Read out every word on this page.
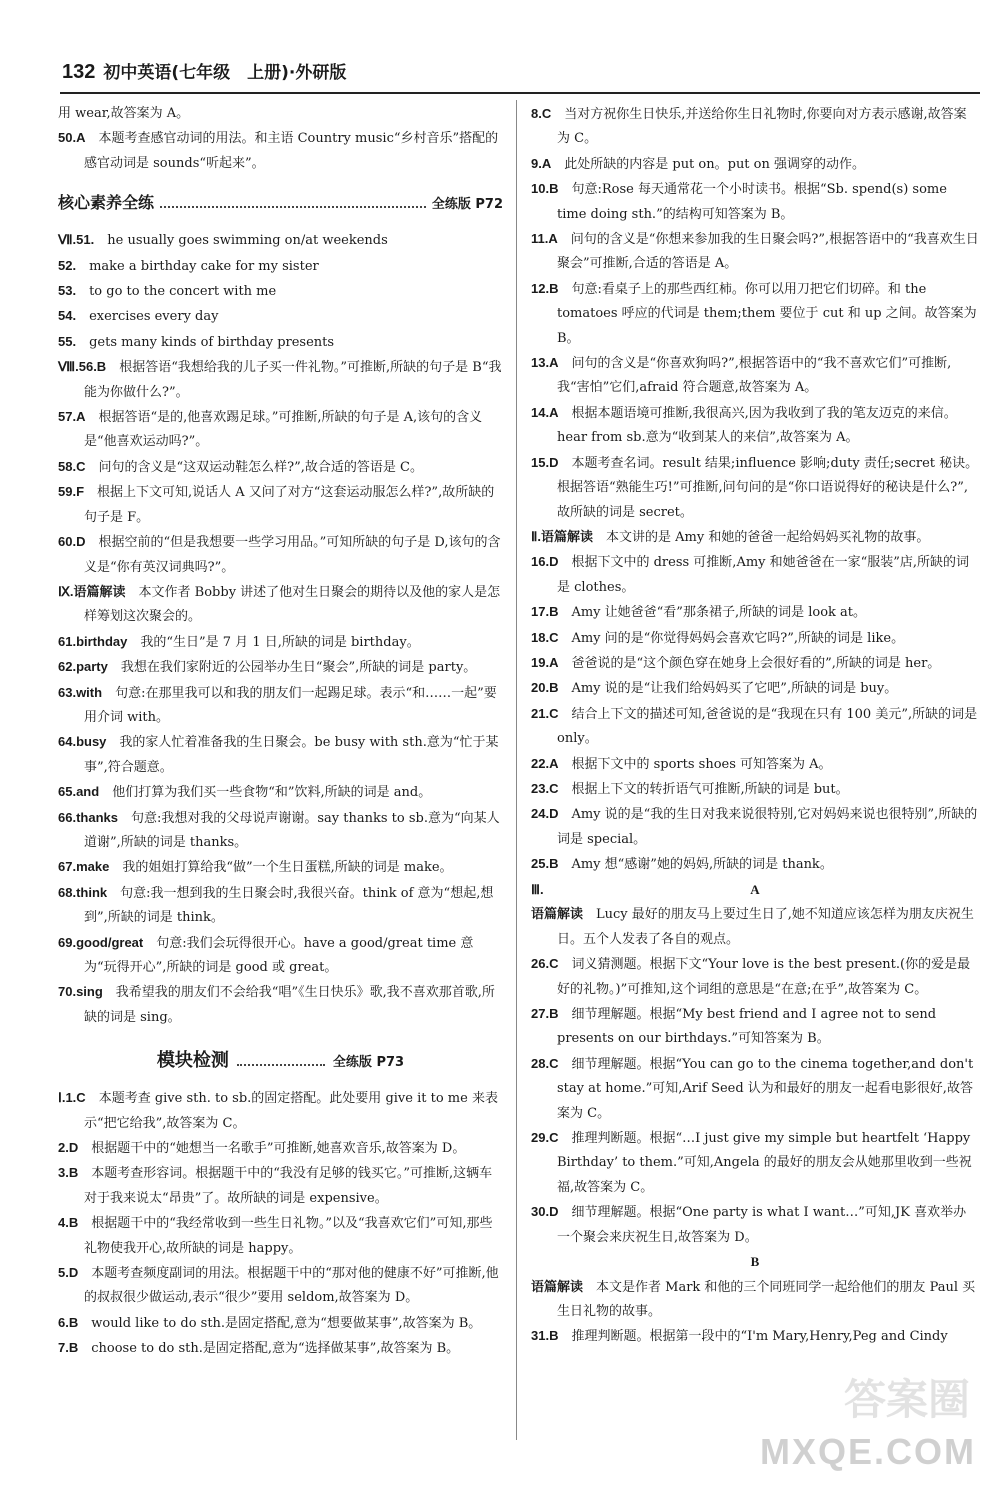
132 初中英语(七年级　上册)·外研版

用 wear,故答案为 A。

50.A  本题考查感官动词的用法。和主语 Country music“乡村音乐”搭配的感官动词是 sounds“听起来”。

核心素养全练	全练版 P72

Ⅶ.51.  he usually goes swimming on/at weekends

52.  make a birthday cake for my sister

53.  to go to the concert with me

54.  exercises every day

55.  gets many kinds of birthday presents

Ⅷ.56.B  根据答语“我想给我的儿子买一件礼物。”可推断,所缺的句子是 B“我能为你做什么?”。

57.A  根据答语“是的,他喜欢踢足球。”可推断,所缺的句子是 A,该句的含义是“他喜欢运动吗?”。

58.C  问句的含义是“这双运动鞋怎么样?”,故合适的答语是 C。

59.F  根据上下文可知,说话人 A 又问了对方“这套运动服怎么样?”,故所缺的句子是 F。

60.D  根据空前的“但是我想要一些学习用品。”可知所缺的句子是 D,该句的含义是“你有英汉词典吗?”。

Ⅸ.语篇解读  本文作者 Bobby 讲述了他对生日聚会的期待以及他的家人是怎样筹划这次聚会的。

61.birthday  我的“生日”是 7 月 1 日,所缺的词是 birthday。

62.party  我想在我们家附近的公园举办生日“聚会”,所缺的词是 party。

63.with  句意:在那里我可以和我的朋友们一起踢足球。表示“和……一起”要用介词 with。

64.busy  我的家人忙着准备我的生日聚会。be busy with sth.意为“忙于某事”,符合题意。

65.and  他们打算为我们买一些食物“和”饮料,所缺的词是 and。

66.thanks  句意:我想对我的父母说声谢谢。say thanks to sb.意为“向某人道谢”,所缺的词是 thanks。

67.make  我的姐姐打算给我“做”一个生日蛋糕,所缺的词是 make。

68.think  句意:我一想到我的生日聚会时,我很兴奋。think of 意为“想起,想到”,所缺的词是 think。

69.good/great  句意:我们会玩得很开心。have a good/great time 意为“玩得开心”,所缺的词是 good 或 great。

70.sing  我希望我的朋友们不会给我“唱”《生日快乐》歌,我不喜欢那首歌,所缺的词是 sing。

模块检测	全练版 P73

Ⅰ.1.C  本题考查 give sth. to sb.的固定搭配。此处要用 give it to me 来表示“把它给我”,故答案为 C。

2.D  根据题干中的“她想当一名歌手”可推断,她喜欢音乐,故答案为 D。

3.B  本题考查形容词。根据题干中的“我没有足够的钱买它。”可推断,这辆车对于我来说太“昂贵”了。故所缺的词是 expensive。

4.B  根据题干中的“我经常收到一些生日礼物。”以及“我喜欢它们”可知,那些礼物使我开心,故所缺的词是 happy。

5.D  本题考查频度副词的用法。根据题干中的“那对他的健康不好”可推断,他的叔叔很少做运动,表示“很少”要用 seldom,故答案为 D。

6.B  would like to do sth.是固定搭配,意为“想要做某事”,故答案为 B。

7.B  choose to do sth.是固定搭配,意为“选择做某事”,故答案为 B。

8.C  当对方祝你生日快乐,并送给你生日礼物时,你要向对方表示感谢,故答案为 C。

9.A  此处所缺的内容是 put on。put on 强调穿的动作。

10.B  句意:Rose 每天通常花一个小时读书。根据“Sb. spend(s) some time doing sth.”的结构可知答案为 B。

11.A  问句的含义是“你想来参加我的生日聚会吗?”,根据答语中的“我喜欢生日聚会”可推断,合适的答语是 A。

12.B  句意:看桌子上的那些西红柿。你可以用刀把它们切碎。和 the tomatoes 呼应的代词是 them;them 要位于 cut 和 up 之间。故答案为 B。

13.A  问句的含义是“你喜欢狗吗?”,根据答语中的“我不喜欢它们”可推断,我“害怕”它们,afraid 符合题意,故答案为 A。

14.A  根据本题语境可推断,我很高兴,因为我收到了我的笔友迈克的来信。hear from sb.意为“收到某人的来信”,故答案为 A。

15.D  本题考查名词。result 结果;influence 影响;duty 责任;secret 秘诀。根据答语“熟能生巧!”可推断,问句问的是“你口语说得好的秘诀是什么?”,故所缺的词是 secret。

Ⅱ.语篇解读  本文讲的是 Amy 和她的爸爸一起给妈妈买礼物的故事。

16.D  根据下文中的 dress 可推断,Amy 和她爸爸在一家“服装”店,所缺的词是 clothes。

17.B  Amy 让她爸爸“看”那条裙子,所缺的词是 look at。

18.C  Amy 问的是“你觉得妈妈会喜欢它吗?”,所缺的词是 like。

19.A  爸爸说的是“这个颜色穿在她身上会很好看的”,所缺的词是 her。

20.B  Amy 说的是“让我们给妈妈买了它吧”,所缺的词是 buy。

21.C  结合上下文的描述可知,爸爸说的是“我现在只有 100 美元”,所缺的词是 only。

22.A  根据下文中的 sports shoes 可知答案为 A。

23.C  根据上下文的转折语气可推断,所缺的词是 but。

24.D  Amy 说的是“我的生日对我来说很特别,它对妈妈来说也很特别”,所缺的词是 special。

25.B  Amy 想“感谢”她的妈妈,所缺的词是 thank。

Ⅲ.	A

语篇解读  Lucy 最好的朋友马上要过生日了,她不知道应该怎样为朋友庆祝生日。五个人发表了各自的观点。

26.C  词义猜测题。根据下文“Your love is the best present.(你的爱是最好的礼物。)”可推知,这个词组的意思是“在意;在乎”,故答案为 C。

27.B  细节理解题。根据“My best friend and I agree not to send presents on our birthdays.”可知答案为 B。

28.C  细节理解题。根据“You can go to the cinema together,and don't stay at home.”可知,Arif Seed 认为和最好的朋友一起看电影很好,故答案为 C。

29.C  推理判断题。根据“…I just give my simple but heartfelt ‘Happy Birthday’ to them.”可知,Angela 的最好的朋友会从她那里收到一些祝福,故答案为 C。

30.D  细节理解题。根据“One party is what I want…”可知,JK 喜欢举办一个聚会来庆祝生日,故答案为 D。

B

语篇解读  本文是作者 Mark 和他的三个同班同学一起给他们的朋友 Paul 买生日礼物的故事。

31.B  推理判断题。根据第一段中的“I'm Mary,Henry,Peg and Cindy

答案圈
MXQE.COM
